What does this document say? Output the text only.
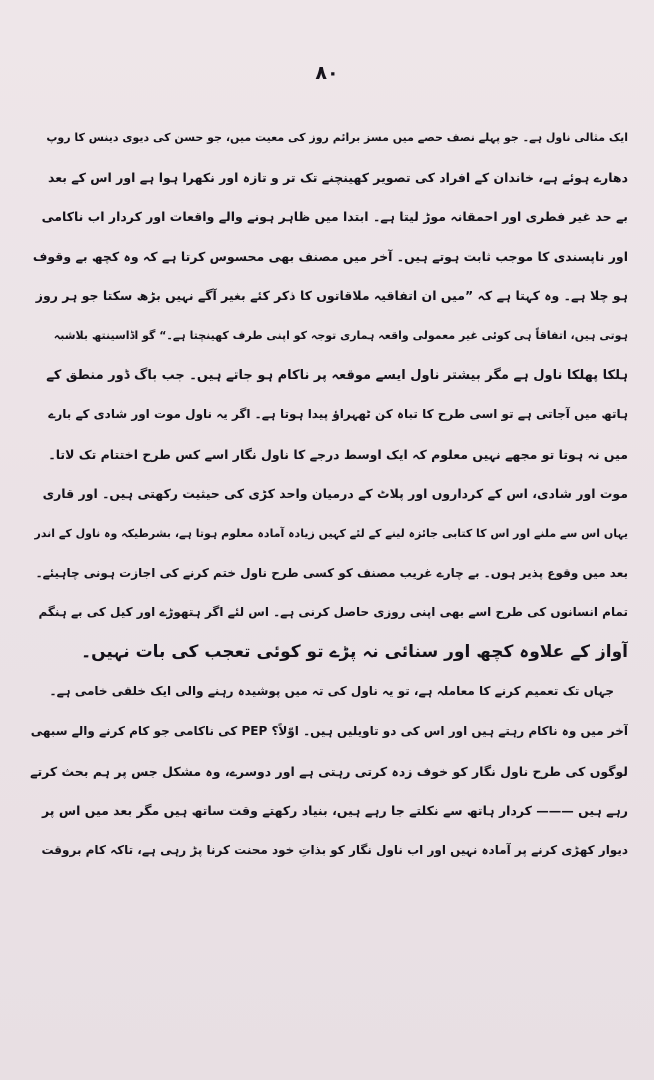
۸۰
ایک مثالی ناول ہے۔ جو پہلے نصف حصے میں مسز برائم روز کی معیت میں، جو حسن کی دیوی دینس کا روپ
دھارے ہوئے ہے، خاندان کے افراد کی تصویر کھینچنے تک تر و تازہ اور نکھرا ہوا ہے اور اس کے بعد
بے حد غیر فطری اور احمقانہ موڑ لیتا ہے۔ ابتدا میں ظاہر ہونے والے واقعات اور کردار اب ناکامی
اور ناپسندی کا موجب ثابت ہوتے ہیں۔ آخر میں مصنف بھی محسوس کرتا ہے کہ وہ کچھ بے وقوف
ہو چلا ہے۔ وہ کہتا ہے کہ ”میں ان اتفاقیہ ملاقاتوں کا ذکر کئے بغیر آگے نہیں بڑھ سکتا جو ہر روز
ہوتی ہیں، اتفاقاً ہی کوئی غیر معمولی واقعہ ہماری توجہ کو اپنی طرف کھینچتا ہے۔“ گو اڈاسینتھ بلاشبہ
ہلکا پھلکا ناول ہے مگر بیشتر ناول ایسے موقعہ پر ناکام ہو جاتے ہیں۔ جب باگ ڈور منطق کے
ہاتھ میں آجاتی ہے تو اسی طرح کا تباہ کن ٹھہراؤ پیدا ہوتا ہے۔ اگر یہ ناول موت اور شادی کے بارے
میں نہ ہوتا تو مجھے نہیں معلوم کہ ایک اوسط درجے کا ناول نگار اسے کس طرح اختتام تک لاتا۔
موت اور شادی، اس کے کرداروں اور پلاٹ کے درمیان واحد کڑی کی حیثیت رکھتی ہیں۔ اور قاری
یہاں اس سے ملنے اور اس کا کتابی جائزہ لینے کے لئے کہیں زیادہ آمادہ معلوم ہوتا ہے، بشرطیکہ وہ ناول کے اندر
بعد میں وقوع پذیر ہوں۔ بے چارے غریب مصنف کو کسی طرح ناول ختم کرنے کی اجازت ہونی چاہیئے۔
تمام انسانوں کی طرح اسے بھی اپنی روزی حاصل کرنی ہے۔ اس لئے اگر ہتھوڑے اور کیل کی بے ہنگم
آواز کے علاوہ کچھ اور سنائی نہ پڑے تو کوئی تعجب کی بات نہیں۔
جہاں تک تعمیم کرنے کا معاملہ ہے، تو یہ ناول کی تہ میں پوشیدہ رہنے والی ایک خلقی خامی ہے۔
آخر میں وہ ناکام رہتے ہیں اور اس کی دو تاویلیں ہیں۔ اوّلاً؟ PEP کی ناکامی جو کام کرنے والے سبھی
لوگوں کی طرح ناول نگار کو خوف زدہ کرتی رہتی ہے اور دوسرے، وہ مشکل جس پر ہم بحث کرتے
رہے ہیں ——— کردار ہاتھ سے نکلتے جا رہے ہیں، بنیاد رکھتے وقت ساتھ ہیں مگر بعد میں اس پر
دیوار کھڑی کرنے پر آمادہ نہیں اور اب ناول نگار کو بذاتِ خود محنت کرنا پڑ رہی ہے، تاکہ کام بروقت
